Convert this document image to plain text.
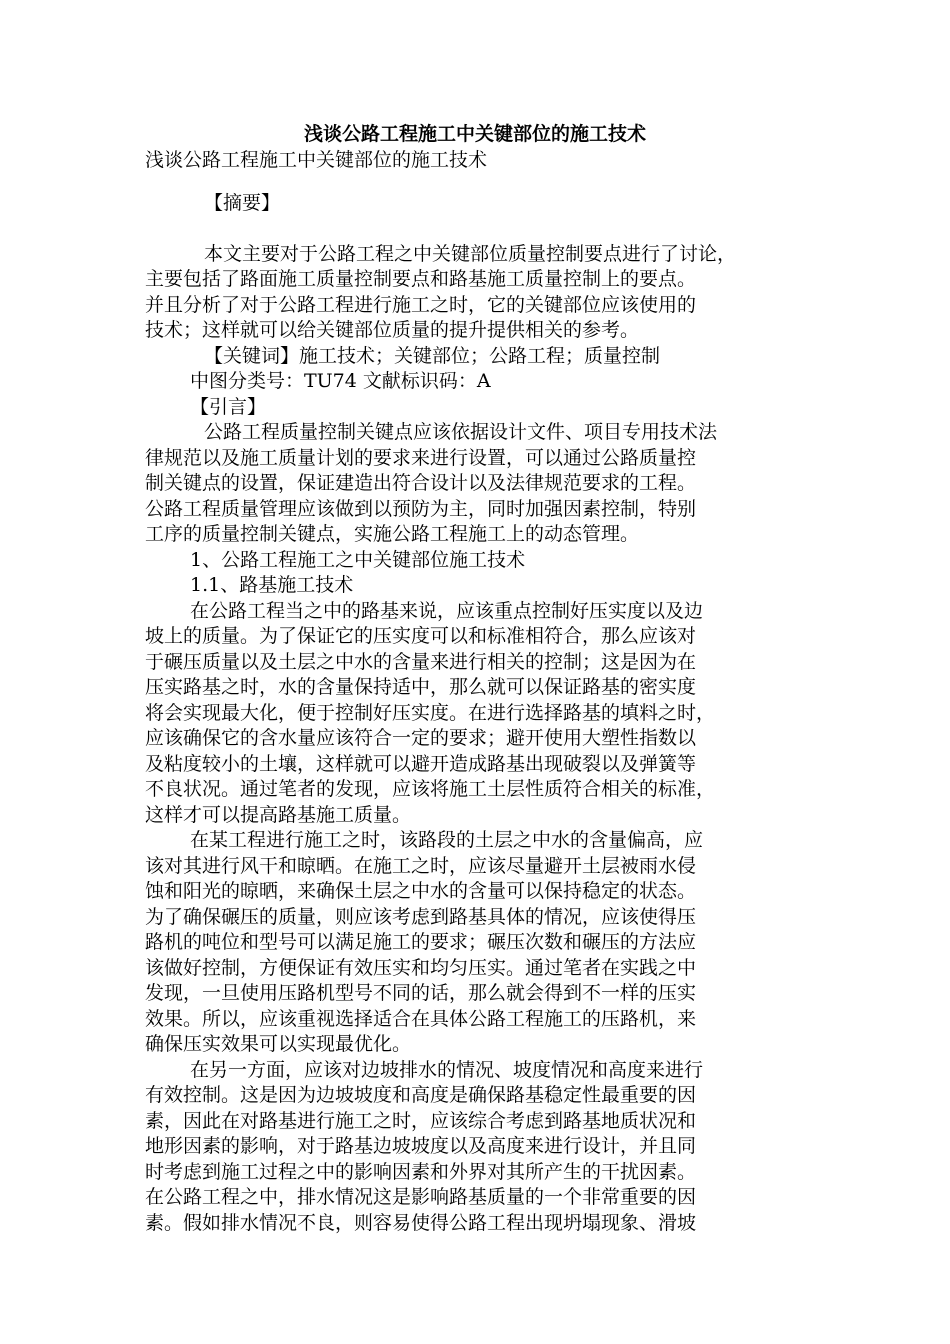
浅谈公路工程施工中关键部位的施工技术
浅谈公路工程施工中关键部位的施工技术
【摘要】
本文主要对于公路工程之中关键部位质量控制要点进行了讨论，
主要包括了路面施工质量控制要点和路基施工质量控制上的要点。
并且分析了对于公路工程进行施工之时，它的关键部位应该使用的
技术；这样就可以给关键部位质量的提升提供相关的参考。
【关键词】施工技术；关键部位；公路工程；质量控制
中图分类号：TU74 文献标识码：A
【引言】
公路工程质量控制关键点应该依据设计文件、项目专用技术法
律规范以及施工质量计划的要求来进行设置，可以通过公路质量控
制关键点的设置，保证建造出符合设计以及法律规范要求的工程。
公路工程质量管理应该做到以预防为主，同时加强因素控制，特别
工序的质量控制关键点，实施公路工程施工上的动态管理。
1、公路工程施工之中关键部位施工技术
1.1、路基施工技术
在公路工程当之中的路基来说，应该重点控制好压实度以及边
坡上的质量。为了保证它的压实度可以和标准相符合，那么应该对
于碾压质量以及土层之中水的含量来进行相关的控制；这是因为在
压实路基之时，水的含量保持适中，那么就可以保证路基的密实度
将会实现最大化，便于控制好压实度。在进行选择路基的填料之时，
应该确保它的含水量应该符合一定的要求；避开使用大塑性指数以
及粘度较小的土壤，这样就可以避开造成路基出现破裂以及弹簧等
不良状况。通过笔者的发现，应该将施工土层性质符合相关的标准，
这样才可以提高路基施工质量。
在某工程进行施工之时，该路段的土层之中水的含量偏高，应
该对其进行风干和晾晒。在施工之时，应该尽量避开土层被雨水侵
蚀和阳光的晾晒，来确保土层之中水的含量可以保持稳定的状态。
为了确保碾压的质量，则应该考虑到路基具体的情况，应该使得压
路机的吨位和型号可以满足施工的要求；碾压次数和碾压的方法应
该做好控制，方便保证有效压实和均匀压实。通过笔者在实践之中
发现，一旦使用压路机型号不同的话，那么就会得到不一样的压实
效果。所以，应该重视选择适合在具体公路工程施工的压路机，来
确保压实效果可以实现最优化。
在另一方面，应该对边坡排水的情况、坡度情况和高度来进行
有效控制。这是因为边坡坡度和高度是确保路基稳定性最重要的因
素，因此在对路基进行施工之时，应该综合考虑到路基地质状况和
地形因素的影响，对于路基边坡坡度以及高度来进行设计，并且同
时考虑到施工过程之中的影响因素和外界对其所产生的干扰因素。
在公路工程之中，排水情况这是影响路基质量的一个非常重要的因
素。假如排水情况不良，则容易使得公路工程出现坍塌现象、滑坡
